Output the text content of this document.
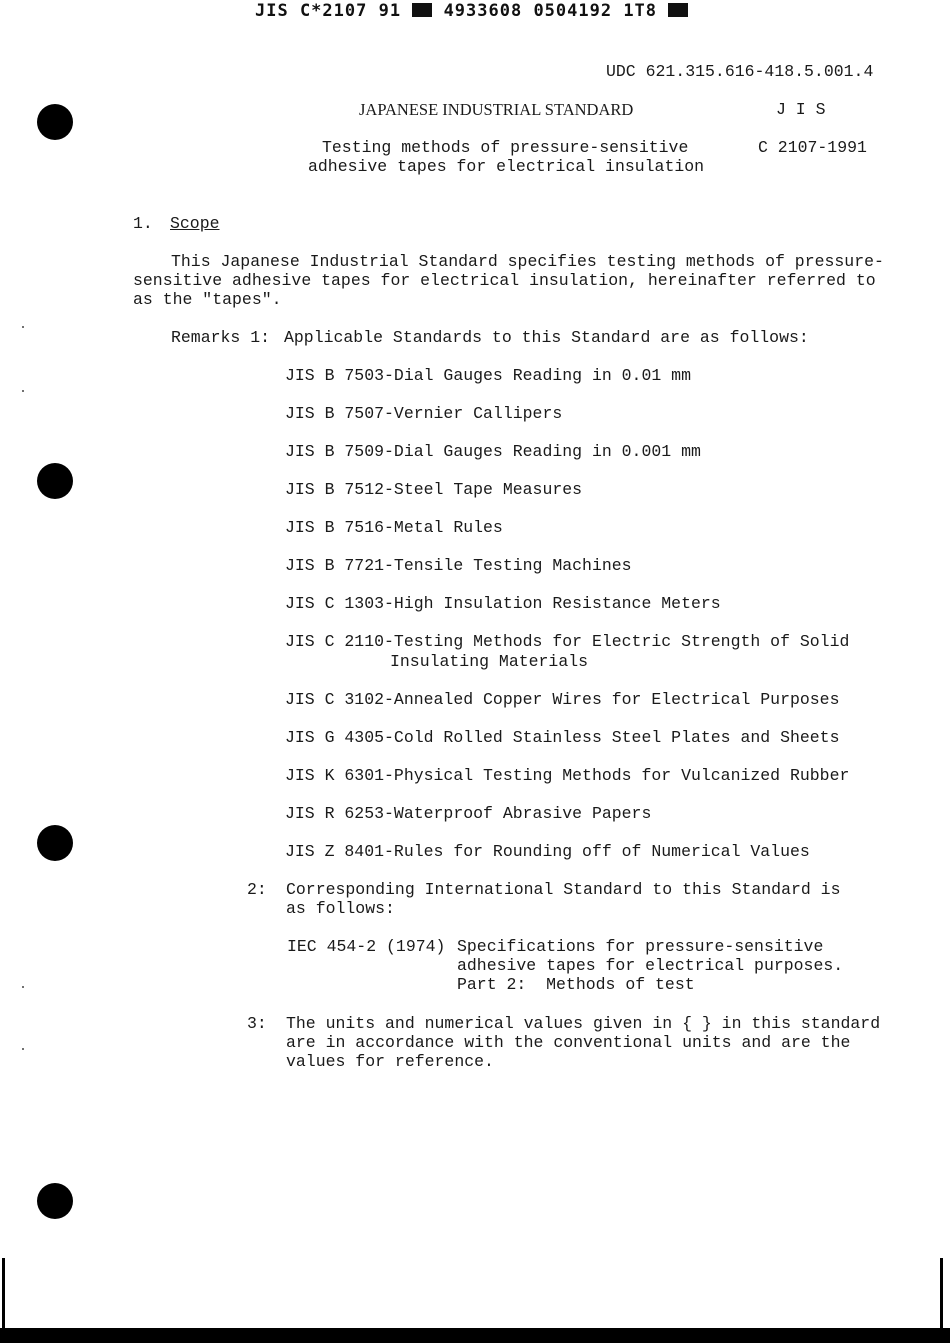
JIS C*2107 91	4933608 0504192 1T8
UDC 621.315.616-418.5.001.4
JAPANESE INDUSTRIAL STANDARD	J I S
Testing methods of pressure-sensitive	C 2107-1991
adhesive tapes for electrical insulation
1. Scope
This Japanese Industrial Standard specifies testing methods of pressure-
sensitive adhesive tapes for electrical insulation, hereinafter referred to
as the "tapes".
Remarks 1: Applicable Standards to this Standard are as follows:
JIS B 7503-Dial Gauges Reading in 0.01 mm
JIS B 7507-Vernier Callipers
JIS B 7509-Dial Gauges Reading in 0.001 mm
JIS B 7512-Steel Tape Measures
JIS B 7516-Metal Rules
JIS B 7721-Tensile Testing Machines
JIS C 1303-High Insulation Resistance Meters
JIS C 2110-Testing Methods for Electric Strength of Solid
Insulating Materials
JIS C 3102-Annealed Copper Wires for Electrical Purposes
JIS G 4305-Cold Rolled Stainless Steel Plates and Sheets
JIS K 6301-Physical Testing Methods for Vulcanized Rubber
JIS R 6253-Waterproof Abrasive Papers
JIS Z 8401-Rules for Rounding off of Numerical Values
2: Corresponding International Standard to this Standard is
as follows:
IEC 454-2 (1974) Specifications for pressure-sensitive
adhesive tapes for electrical purposes.
Part 2:  Methods of test
3: The units and numerical values given in { } in this standard
are in accordance with the conventional units and are the
values for reference.
